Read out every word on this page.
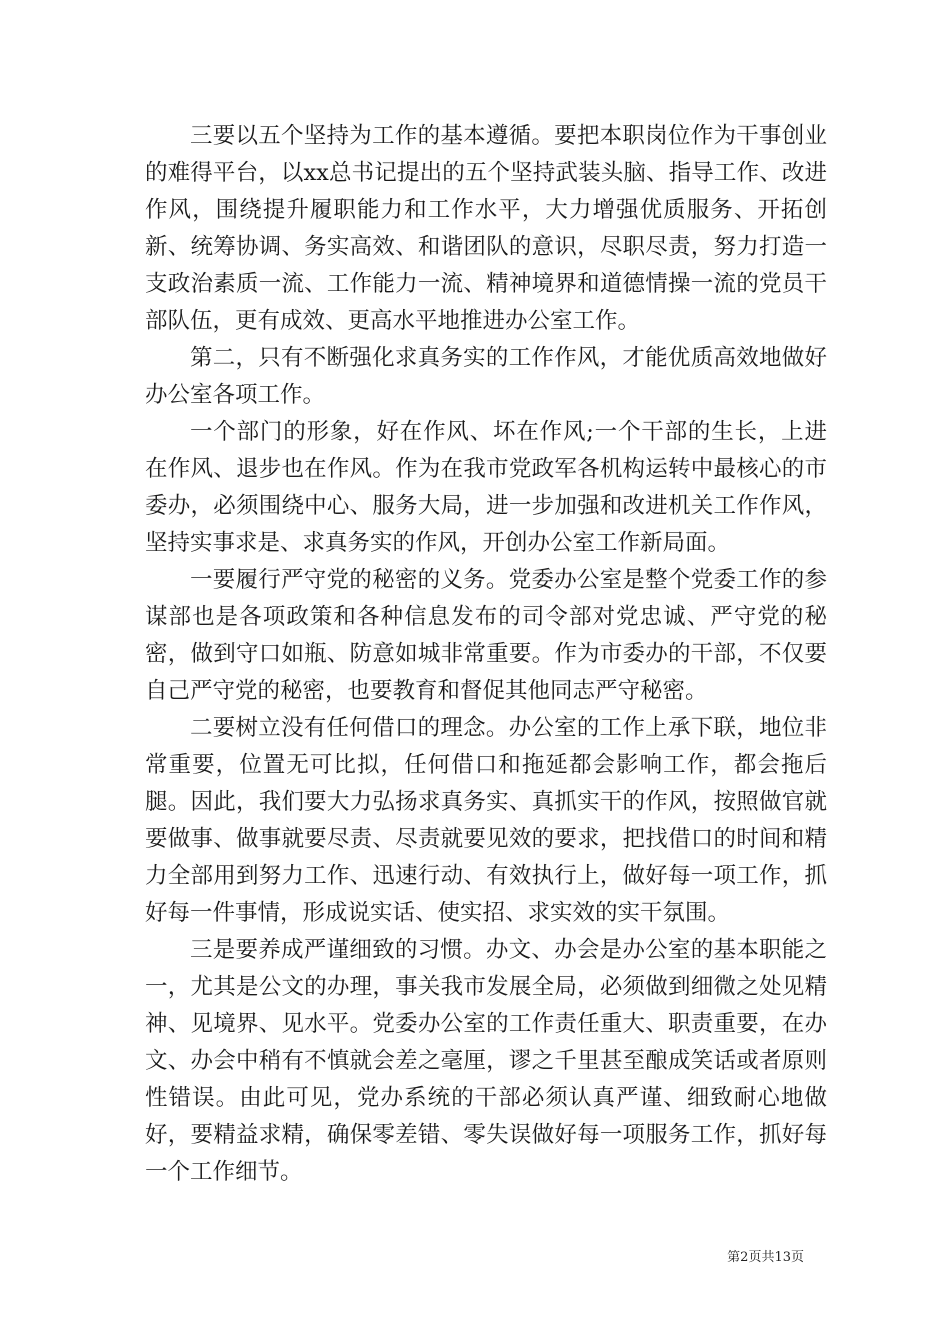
三要以五个坚持为工作的基本遵循。要把本职岗位作为干事创业的难得平台，以xx总书记提出的五个坚持武装头脑、指导工作、改进作风，围绕提升履职能力和工作水平，大力增强优质服务、开拓创新、统筹协调、务实高效、和谐团队的意识，尽职尽责，努力打造一支政治素质一流、工作能力一流、精神境界和道德情操一流的党员干部队伍，更有成效、更高水平地推进办公室工作。

第二，只有不断强化求真务实的工作作风，才能优质高效地做好办公室各项工作。

一个部门的形象，好在作风、坏在作风;一个干部的生长，上进在作风、退步也在作风。作为在我市党政军各机构运转中最核心的市委办，必须围绕中心、服务大局，进一步加强和改进机关工作作风，坚持实事求是、求真务实的作风，开创办公室工作新局面。

一要履行严守党的秘密的义务。党委办公室是整个党委工作的参谋部也是各项政策和各种信息发布的司令部对党忠诚、严守党的秘密，做到守口如瓶、防意如城非常重要。作为市委办的干部，不仅要自己严守党的秘密，也要教育和督促其他同志严守秘密。

二要树立没有任何借口的理念。办公室的工作上承下联，地位非常重要，位置无可比拟，任何借口和拖延都会影响工作，都会拖后腿。因此，我们要大力弘扬求真务实、真抓实干的作风，按照做官就要做事、做事就要尽责、尽责就要见效的要求，把找借口的时间和精力全部用到努力工作、迅速行动、有效执行上，做好每一项工作，抓好每一件事情，形成说实话、使实招、求实效的实干氛围。

三是要养成严谨细致的习惯。办文、办会是办公室的基本职能之一，尤其是公文的办理，事关我市发展全局，必须做到细微之处见精神、见境界、见水平。党委办公室的工作责任重大、职责重要，在办文、办会中稍有不慎就会差之毫厘，谬之千里甚至酿成笑话或者原则性错误。由此可见，党办系统的干部必须认真严谨、细致耐心地做好，要精益求精，确保零差错、零失误做好每一项服务工作，抓好每一个工作细节。

第2页共13页
